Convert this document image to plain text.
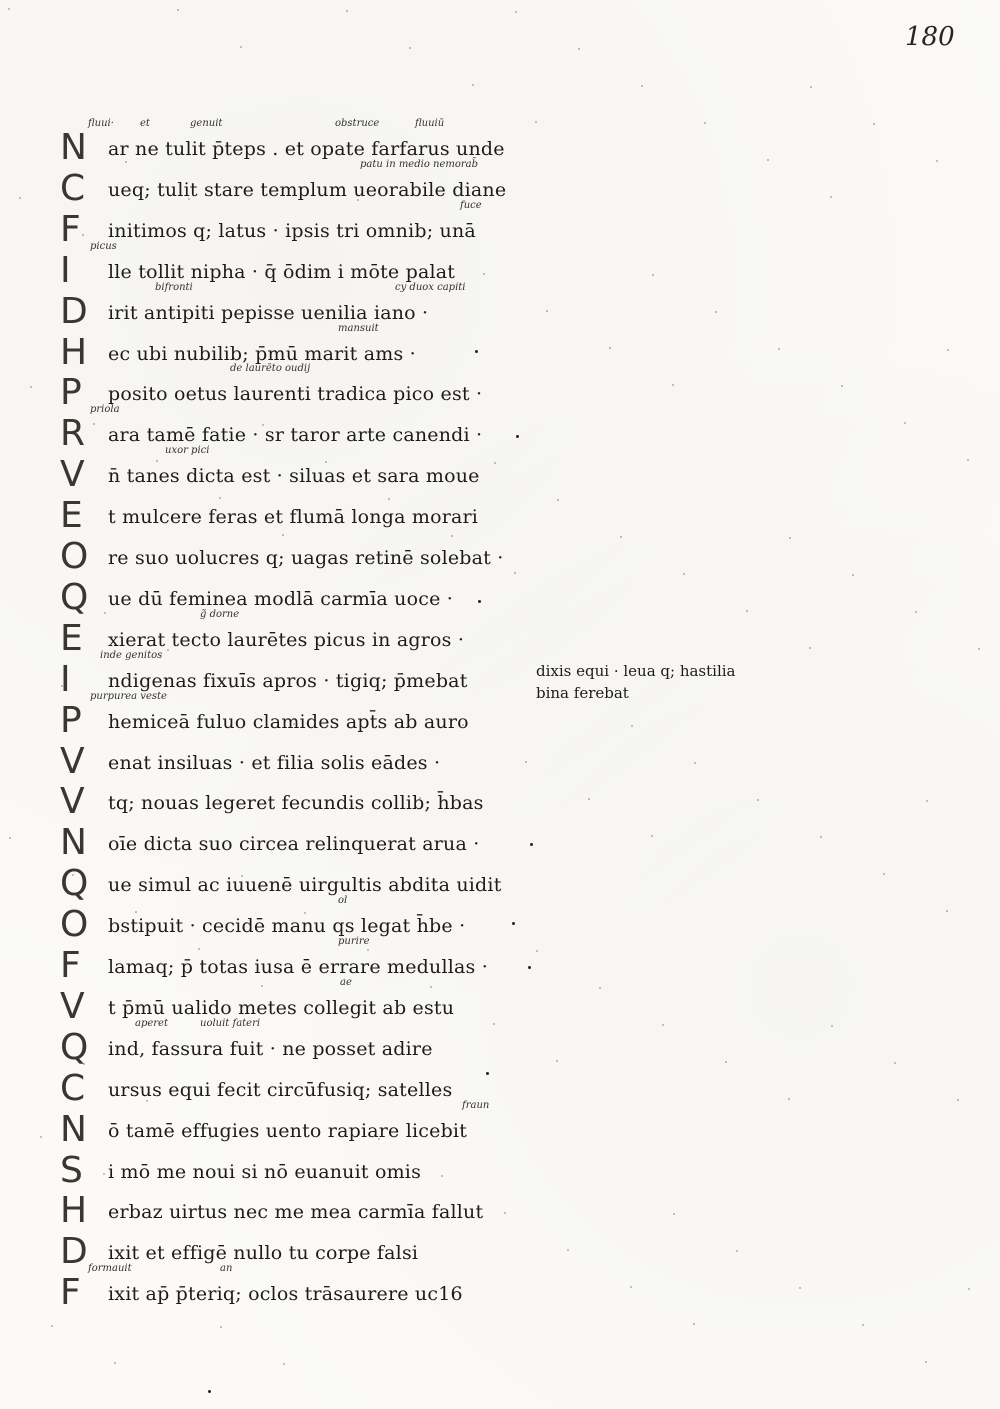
180
N	ar ne tulit p̄teps . et opate farfarus unde
C	ueq; tulit stare templum ueorabile diane
F	initimos q; latus · ipsis tri omnib; unā
I	lle tollit nipha · q̄ ōdim i mōte palat
D	irit antipiti pepisse uenilia iano ·
H	ec ubi nubilib; p̄mū marit ams ·
P	posito oetus laurenti tradica pico est ·
R	ara tamē fatie · sr taror arte canendi ·
V	n̄ tanes dicta est · siluas et sara moue
E	t mulcere feras et flumā longa morari
O	re suo uolucres q; uagas retinē solebat ·
Q	ue dū feminea modlā carmīa uoce ·
E	xierat tecto laurētes picus in agros ·
I	ndigenas fixuīs apros · tigiq; p̄mebat
P	hemiceā fuluo clamides apt̄s ab auro
V	enat insiluas · et filia solis eādes ·
V	tq; nouas legeret fecundis collib; h̄bas
N	oīe dicta suo circea relinquerat arua ·
Q	ue simul ac iuuenē uirgultis abdita uidit
O	bstipuit · cecidē manu qs legat h̄be ·
F	lamaq; p̄ totas iusa ē errare medullas ·
V	t p̄mū ualido metes collegit ab estu
Q	ind, fassura fuit · ne posset adire
C	ursus equi fecit circūfusiq; satelles
N	ō tamē effugies uento rapiare licebit
S	i mō me noui si nō euanuit omis
H	erbaz uirtus nec me mea carmīa fallut
D	ixit et effigē nullo tu corpe falsi
F	ixit ap̄ p̄teriq; oclos trāsaurere uc16
fluui·	et	genuit	obstruce	fluuiū
patu in medio nemorab̄
fuce
picus
bifronti	cy duox capiti
mansuit
de laurēto oudij
priola
uxor pici
g̃ dorne
inde genitos
purpurea veste
ol
purire
ae
aperet	uoluit fateri
fraun
formauit	an
dixis equi · leua q; hastilia
bina ferebat
